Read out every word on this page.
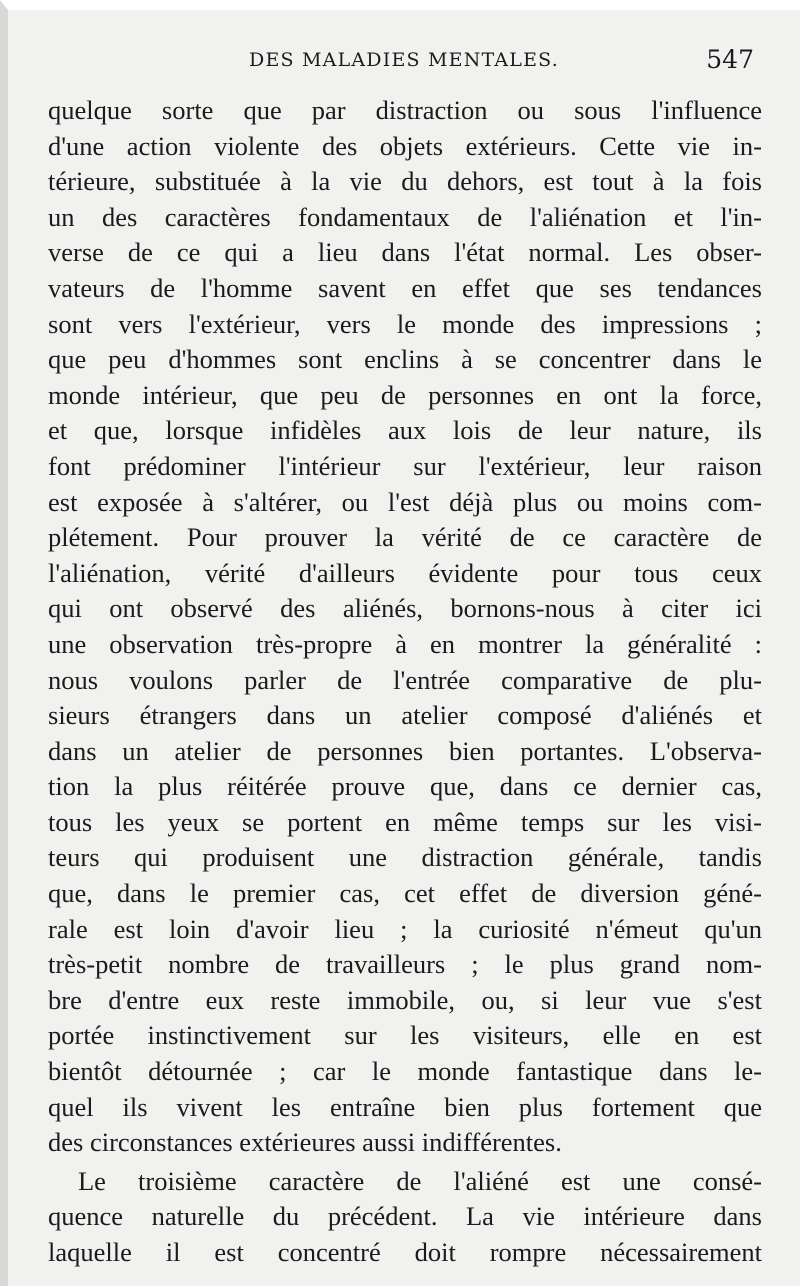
DES MALADIES MENTALES.	547
quelque sorte que par distraction ou sous l'influence
d'une action violente des objets extérieurs. Cette vie in-
térieure, substituée à la vie du dehors, est tout à la fois
un des caractères fondamentaux de l'aliénation et l'in-
verse de ce qui a lieu dans l'état normal. Les obser-
vateurs de l'homme savent en effet que ses tendances
sont vers l'extérieur, vers le monde des impressions ;
que peu d'hommes sont enclins à se concentrer dans le
monde intérieur, que peu de personnes en ont la force,
et que, lorsque infidèles aux lois de leur nature, ils
font prédominer l'intérieur sur l'extérieur, leur raison
est exposée à s'altérer, ou l'est déjà plus ou moins com-
plétement. Pour prouver la vérité de ce caractère de
l'aliénation, vérité d'ailleurs évidente pour tous ceux
qui ont observé des aliénés, bornons-nous à citer ici
une observation très-propre à en montrer la généralité :
nous voulons parler de l'entrée comparative de plu-
sieurs étrangers dans un atelier composé d'aliénés et
dans un atelier de personnes bien portantes. L'observa-
tion la plus réitérée prouve que, dans ce dernier cas,
tous les yeux se portent en même temps sur les visi-
teurs qui produisent une distraction générale, tandis
que, dans le premier cas, cet effet de diversion géné-
rale est loin d'avoir lieu ; la curiosité n'émeut qu'un
très-petit nombre de travailleurs ; le plus grand nom-
bre d'entre eux reste immobile, ou, si leur vue s'est
portée instinctivement sur les visiteurs, elle en est
bientôt détournée ; car le monde fantastique dans le-
quel ils vivent les entraîne bien plus fortement que
des circonstances extérieures aussi indifférentes.
Le troisième caractère de l'aliéné est une consé-
quence naturelle du précédent. La vie intérieure dans
laquelle il est concentré doit rompre nécessairement
